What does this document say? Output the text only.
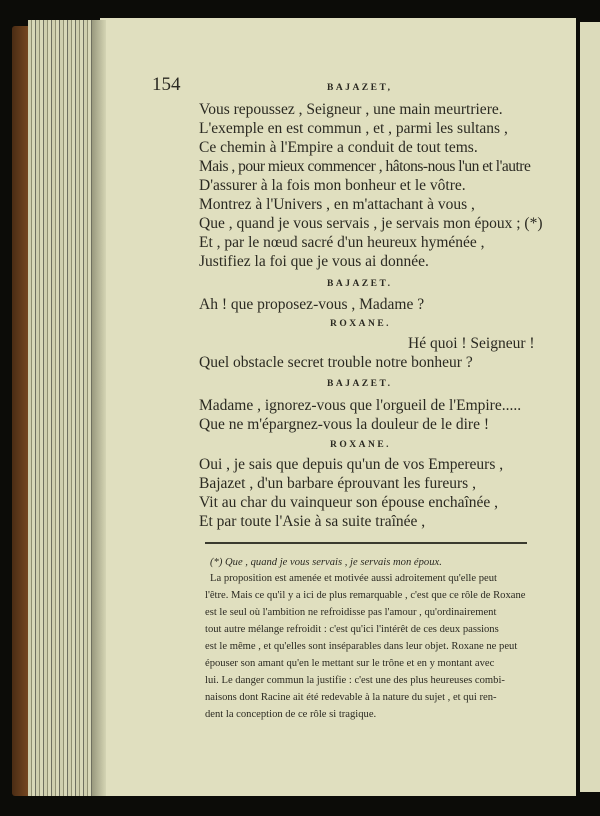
154	BAJAZET,
Vous repoussez , Seigneur , une main meurtriere.
L'exemple en est commun , et , parmi les sultans ,
Ce chemin à l'Empire a conduit de tout tems.
Mais , pour mieux commencer , hâtons-nous l'un et l'autre
D'assurer à la fois mon bonheur et le vôtre.
Montrez à l'Univers , en m'attachant à vous ,
Que , quand je vous servais , je servais mon époux ; (*)
Et , par le nœud sacré d'un heureux hyménée ,
Justifiez la foi que je vous ai donnée.
BAJAZET.
Ah ! que proposez-vous , Madame ?
ROXANE.
Hé quoi ! Seigneur !
Quel obstacle secret trouble notre bonheur ?
BAJAZET.
Madame , ignorez-vous que l'orgueil de l'Empire.....
Que ne m'épargnez-vous la douleur de le dire !
ROXANE.
Oui , je sais que depuis qu'un de vos Empereurs ,
Bajazet , d'un barbare éprouvant les fureurs ,
Vit au char du vainqueur son épouse enchaînée ,
Et par toute l'Asie à sa suite traînée ,
(*) Que , quand je vous servais , je servais mon époux.
La proposition est amenée et motivée aussi adroitement qu'elle peut
l'être. Mais ce qu'il y a ici de plus remarquable , c'est que ce rôle de Roxane
est le seul où l'ambition ne refroidisse pas l'amour , qu'ordinairement
tout autre mélange refroidit : c'est qu'ici l'intérêt de ces deux passions
est le même , et qu'elles sont inséparables dans leur objet. Roxane ne peut
épouser son amant qu'en le mettant sur le trône et en y montant avec
lui. Le danger commun la justifie : c'est une des plus heureuses combi-
naisons dont Racine ait été redevable à la nature du sujet , et qui ren-
dent la conception de ce rôle si tragique.
